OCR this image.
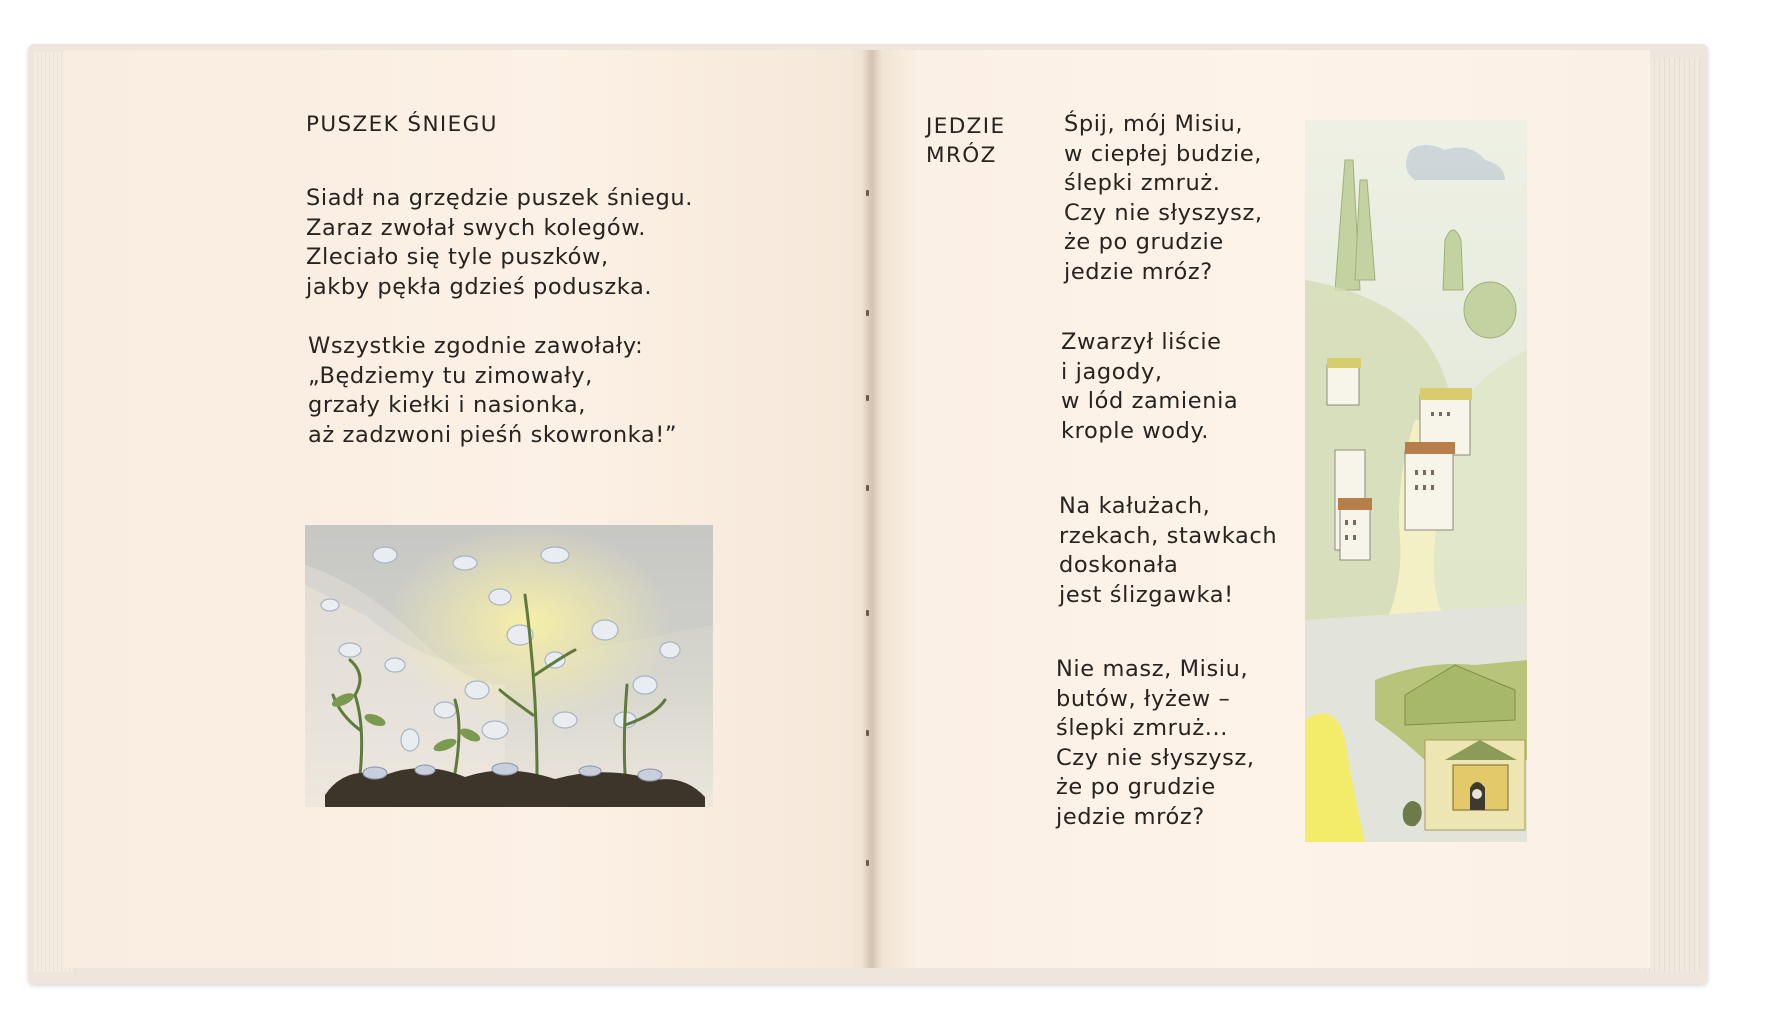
PUSZEK ŚNIEGU
Siadł na grzędzie puszek śniegu.
Zaraz zwołał swych kolegów.
Zleciało się tyle puszków,
jakby pękła gdzieś poduszka.
Wszystkie zgodnie zawołały:
„Będziemy tu zimowały,
grzały kiełki i nasionka,
aż zadzwoni pieśń skowronka!”
JEDZIE
MRÓZ
Śpij, mój Misiu,
w ciepłej budzie,
ślepki zmruż.
Czy nie słyszysz,
że po grudzie
jedzie mróz?
Zwarzył liście
i jagody,
w lód zamienia
krople wody.
Na kałużach,
rzekach, stawkach
doskonała
jest ślizgawka!
Nie masz, Misiu,
butów, łyżew –
ślepki zmruż...
Czy nie słyszysz,
że po grudzie
jedzie mróz?
